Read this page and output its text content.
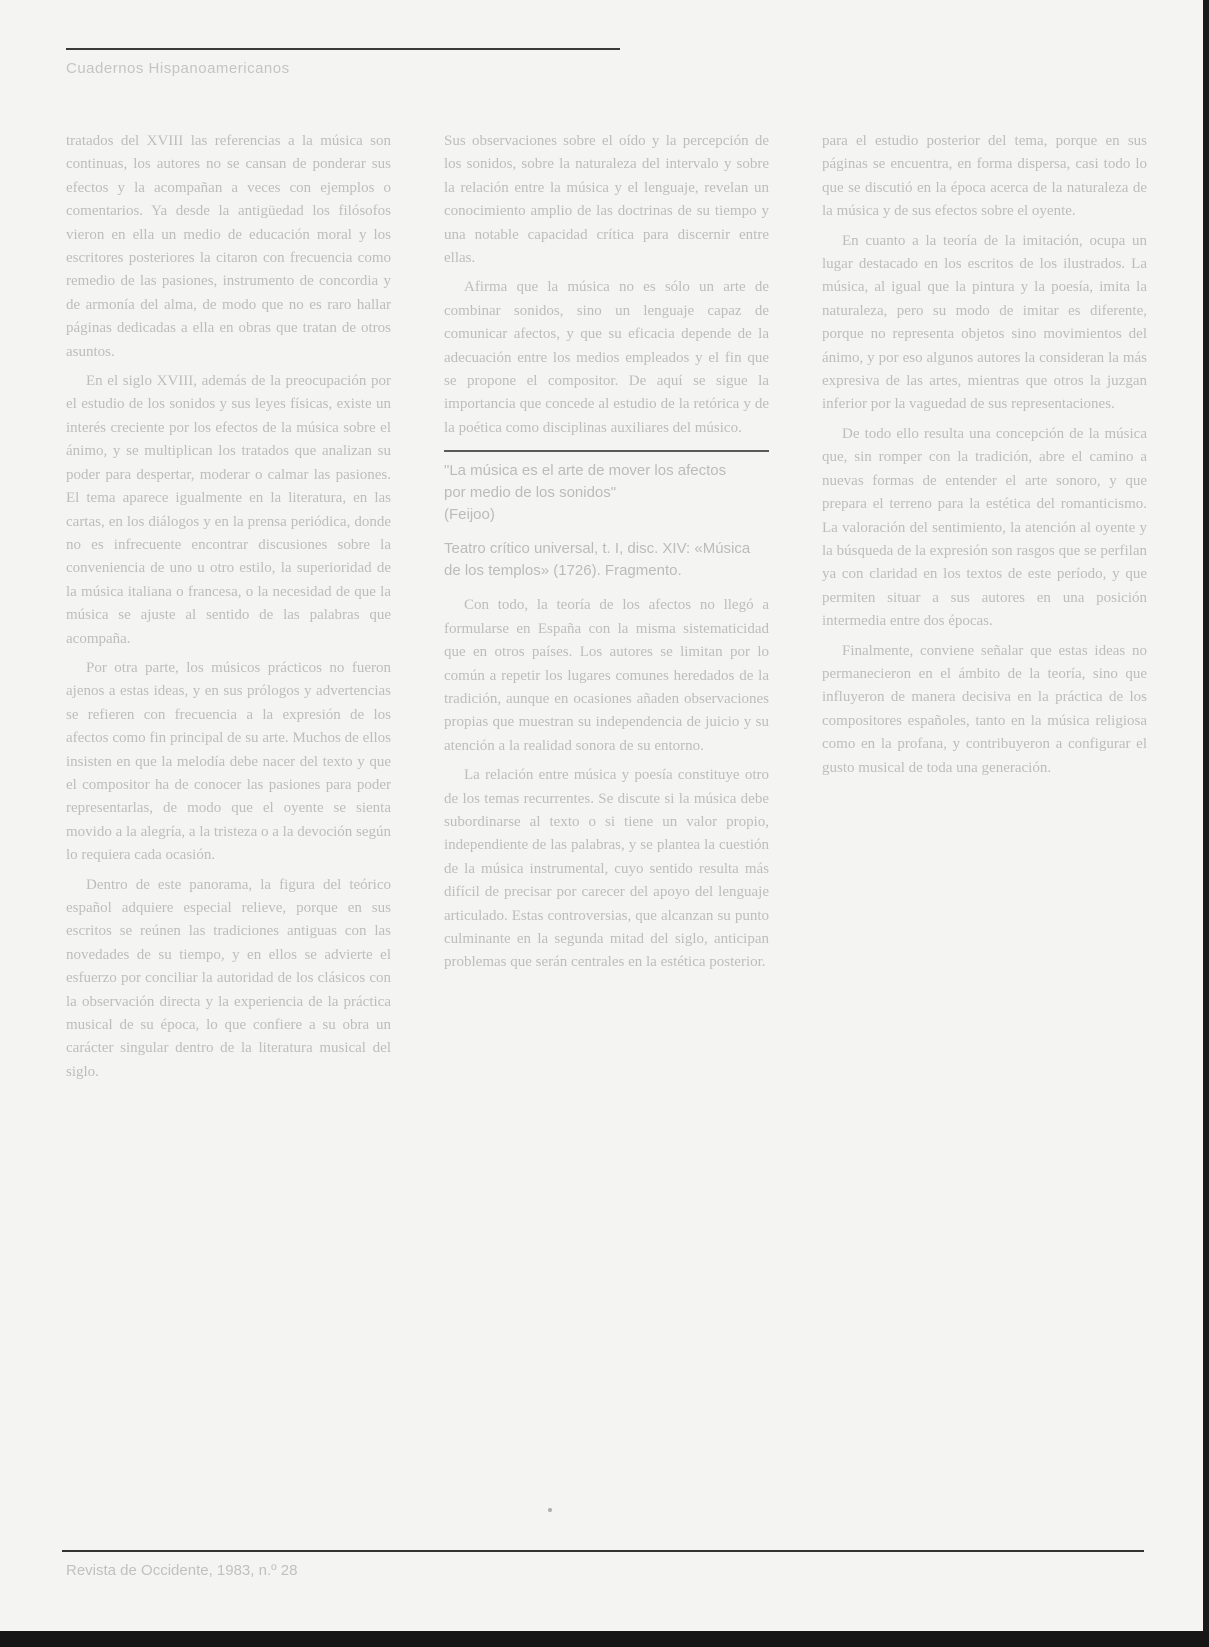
Cuadernos Hispanoamericanos

tratados del XVIII las referencias a la música son continuas, los autores no se cansan de ponderar sus efectos y la acompañan a veces con ejemplos o comentarios. Ya desde la antigüedad los filósofos vieron en ella un medio de educación moral y los escritores posteriores la citaron con frecuencia como remedio de las pasiones, instrumento de concordia y de armonía del alma, de modo que no es raro hallar páginas dedicadas a ella en obras que tratan de otros asuntos.

En el siglo XVIII, además de la preocupación por el estudio de los sonidos y sus leyes físicas, existe un interés creciente por los efectos de la música sobre el ánimo, y se multiplican los tratados que analizan su poder para despertar, moderar o calmar las pasiones. El tema aparece igualmente en la literatura, en las cartas, en los diálogos y en la prensa periódica, donde no es infrecuente encontrar discusiones sobre la conveniencia de uno u otro estilo, la superioridad de la música italiana o francesa, o la necesidad de que la música se ajuste al sentido de las palabras que acompaña.

Por otra parte, los músicos prácticos no fueron ajenos a estas ideas, y en sus prólogos y advertencias se refieren con frecuencia a la expresión de los afectos como fin principal de su arte. Muchos de ellos insisten en que la melodía debe nacer del texto y que el compositor ha de conocer las pasiones para poder representarlas, de modo que el oyente se sienta movido a la alegría, a la tristeza o a la devoción según lo requiera cada ocasión.

Dentro de este panorama, la figura del teórico español adquiere especial relieve, porque en sus escritos se reúnen las tradiciones antiguas con las novedades de su tiempo, y en ellos se advierte el esfuerzo por conciliar la autoridad de los clásicos con la observación directa y la experiencia de la práctica musical de su época, lo que confiere a su obra un carácter singular dentro de la literatura musical del siglo.

Sus observaciones sobre el oído y la percepción de los sonidos, sobre la naturaleza del intervalo y sobre la relación entre la música y el lenguaje, revelan un conocimiento amplio de las doctrinas de su tiempo y una notable capacidad crítica para discernir entre ellas.

Afirma que la música no es sólo un arte de combinar sonidos, sino un lenguaje capaz de comunicar afectos, y que su eficacia depende de la adecuación entre los medios empleados y el fin que se propone el compositor. De aquí se sigue la importancia que concede al estudio de la retórica y de la poética como disciplinas auxiliares del músico.

"La música es el arte de mover los afectos
por medio de los sonidos"
(Feijoo)

Teatro crítico universal, t. I, disc. XIV: «Música de los templos» (1726). Fragmento.

Con todo, la teoría de los afectos no llegó a formularse en España con la misma sistematicidad que en otros países. Los autores se limitan por lo común a repetir los lugares comunes heredados de la tradición, aunque en ocasiones añaden observaciones propias que muestran su independencia de juicio y su atención a la realidad sonora de su entorno.

La relación entre música y poesía constituye otro de los temas recurrentes. Se discute si la música debe subordinarse al texto o si tiene un valor propio, independiente de las palabras, y se plantea la cuestión de la música instrumental, cuyo sentido resulta más difícil de precisar por carecer del apoyo del lenguaje articulado. Estas controversias, que alcanzan su punto culminante en la segunda mitad del siglo, anticipan problemas que serán centrales en la estética posterior.

para el estudio posterior del tema, porque en sus páginas se encuentra, en forma dispersa, casi todo lo que se discutió en la época acerca de la naturaleza de la música y de sus efectos sobre el oyente.

En cuanto a la teoría de la imitación, ocupa un lugar destacado en los escritos de los ilustrados. La música, al igual que la pintura y la poesía, imita la naturaleza, pero su modo de imitar es diferente, porque no representa objetos sino movimientos del ánimo, y por eso algunos autores la consideran la más expresiva de las artes, mientras que otros la juzgan inferior por la vaguedad de sus representaciones.

De todo ello resulta una concepción de la música que, sin romper con la tradición, abre el camino a nuevas formas de entender el arte sonoro, y que prepara el terreno para la estética del romanticismo. La valoración del sentimiento, la atención al oyente y la búsqueda de la expresión son rasgos que se perfilan ya con claridad en los textos de este período, y que permiten situar a sus autores en una posición intermedia entre dos épocas.

Finalmente, conviene señalar que estas ideas no permanecieron en el ámbito de la teoría, sino que influyeron de manera decisiva en la práctica de los compositores españoles, tanto en la música religiosa como en la profana, y contribuyeron a configurar el gusto musical de toda una generación.

Revista de Occidente, 1983, n.º 28
